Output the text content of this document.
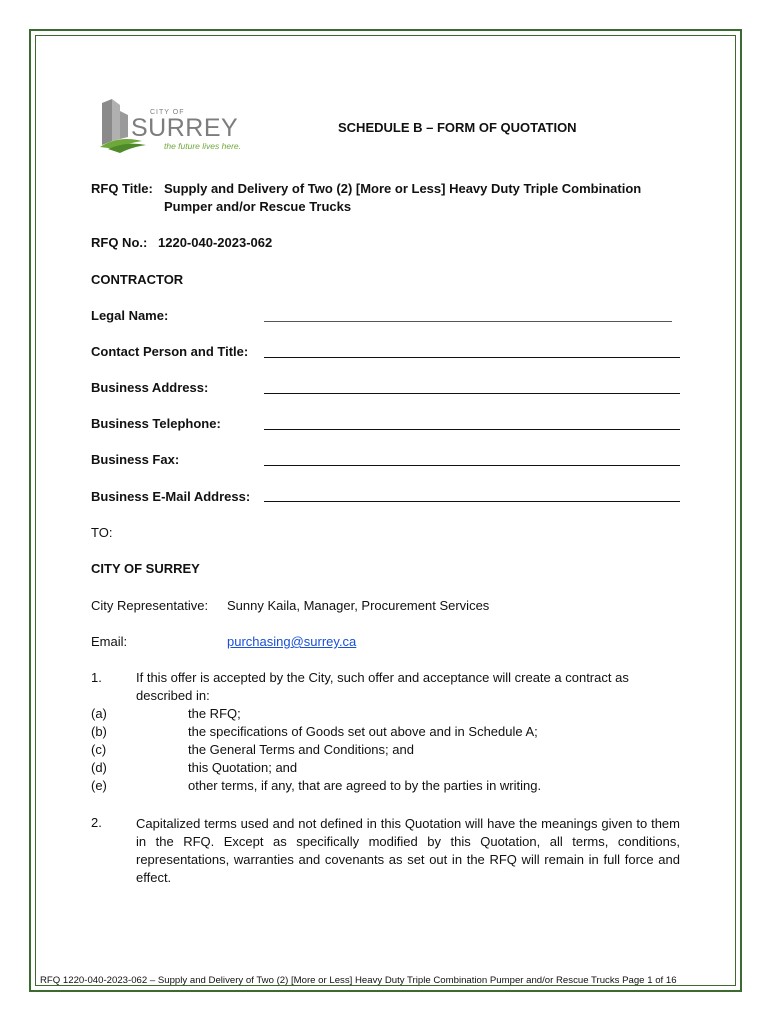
CITY OF
SURREY
the future lives here.
SCHEDULE B – FORM OF QUOTATION
RFQ Title: Supply and Delivery of Two (2) [More or Less] Heavy Duty Triple Combination
Pumper and/or Rescue Trucks
RFQ No.: 1220-040-2023-062
CONTRACTOR
Legal Name:
Contact Person and Title:
Business Address:
Business Telephone:
Business Fax:
Business E-Mail Address:
TO:
CITY OF SURREY
City Representative: Sunny Kaila, Manager, Procurement Services
Email:	purchasing@surrey.ca
1.	If this offer is accepted by the City, such offer and acceptance will create a contract as
described in:
(a)	the RFQ;
(b)	the specifications of Goods set out above and in Schedule A;
(c)	the General Terms and Conditions; and
(d)	this Quotation; and
(e)	other terms, if any, that are agreed to by the parties in writing.
2.	Capitalized terms used and not defined in this Quotation will have the meanings given to them in the RFQ. Except as specifically modified by this Quotation, all terms, conditions, representations, warranties and covenants as set out in the RFQ will remain in full force and effect.
RFQ 1220-040-2023-062 – Supply and Delivery of Two (2) [More or Less] Heavy Duty Triple Combination Pumper and/or Rescue Trucks Page 1 of 16
